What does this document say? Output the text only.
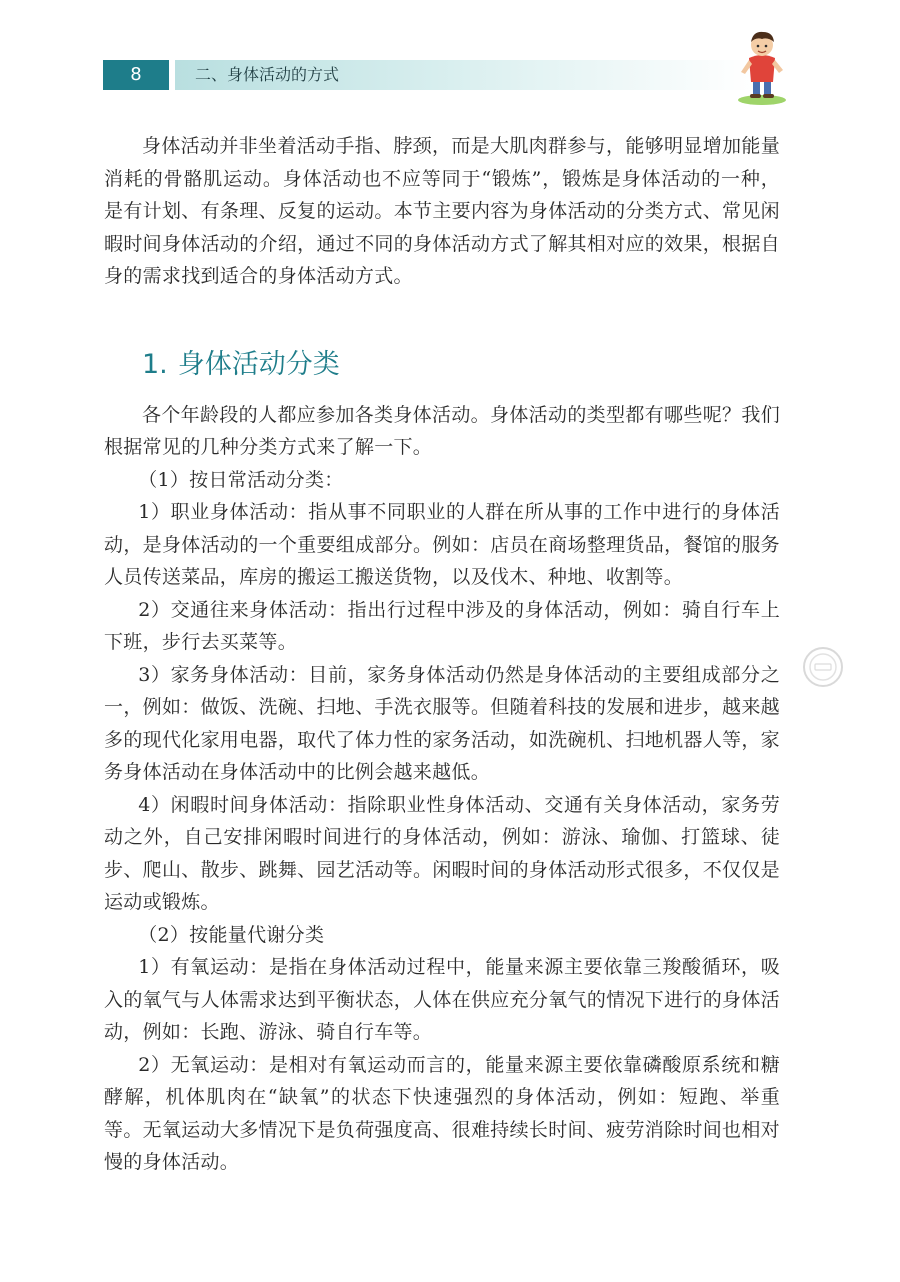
8	二、身体活动的方式

身体活动并非坐着活动手指、脖颈，而是大肌肉群参与，能够明显增加能量消耗的骨骼肌运动。身体活动也不应等同于“锻炼”，锻炼是身体活动的一种，是有计划、有条理、反复的运动。本节主要内容为身体活动的分类方式、常见闲暇时间身体活动的介绍，通过不同的身体活动方式了解其相对应的效果，根据自身的需求找到适合的身体活动方式。

1. 身体活动分类

各个年龄段的人都应参加各类身体活动。身体活动的类型都有哪些呢？我们根据常见的几种分类方式来了解一下。

（1）按日常活动分类：

1）职业身体活动：指从事不同职业的人群在所从事的工作中进行的身体活动，是身体活动的一个重要组成部分。例如：店员在商场整理货品，餐馆的服务人员传送菜品，库房的搬运工搬送货物，以及伐木、种地、收割等。

2）交通往来身体活动：指出行过程中涉及的身体活动，例如：骑自行车上下班，步行去买菜等。

3）家务身体活动：目前，家务身体活动仍然是身体活动的主要组成部分之一，例如：做饭、洗碗、扫地、手洗衣服等。但随着科技的发展和进步，越来越多的现代化家用电器，取代了体力性的家务活动，如洗碗机、扫地机器人等，家务身体活动在身体活动中的比例会越来越低。

4）闲暇时间身体活动：指除职业性身体活动、交通有关身体活动，家务劳动之外，自己安排闲暇时间进行的身体活动，例如：游泳、瑜伽、打篮球、徒步、爬山、散步、跳舞、园艺活动等。闲暇时间的身体活动形式很多，不仅仅是运动或锻炼。

（2）按能量代谢分类

1）有氧运动：是指在身体活动过程中，能量来源主要依靠三羧酸循环，吸入的氧气与人体需求达到平衡状态，人体在供应充分氧气的情况下进行的身体活动，例如：长跑、游泳、骑自行车等。

2）无氧运动：是相对有氧运动而言的，能量来源主要依靠磷酸原系统和糖酵解，机体肌肉在“缺氧”的状态下快速强烈的身体活动，例如：短跑、举重等。无氧运动大多情况下是负荷强度高、很难持续长时间、疲劳消除时间也相对慢的身体活动。
